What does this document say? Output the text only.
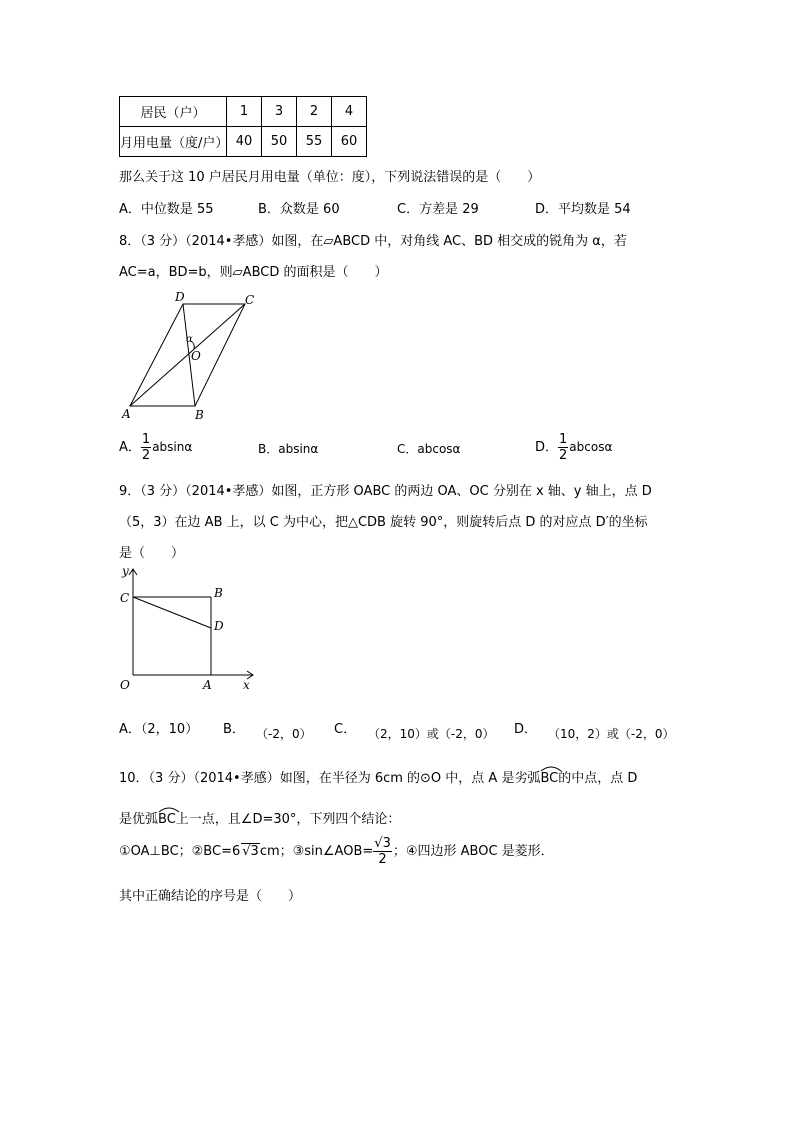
居民（户）	1	3	2	4
月用电量（度/户）	40	50	55	60
那么关于这 10 户居民月用电量（单位：度），下列说法错误的是（　　）
A．中位数是 55	B．众数是 60	C．方差是 29	D．平均数是 54
8．（3 分）（2014•孝感）如图，在▱ABCD 中，对角线 AC、BD 相交成的锐角为 α，若
AC=a，BD=b，则▱ABCD 的面积是（　　）
A	B
C
D
O
α
A． $\frac{1}{2}$ absinα	B．absinα	C．abcosα	D． $\frac{1}{2}$ abcosα
9．（3 分）（2014•孝感）如图，正方形 OABC 的两边 OA、OC 分别在 x 轴、y 轴上，点 D
（5，3）在边 AB 上，以 C 为中心，把△CDB 旋转 90°，则旋转后点 D 的对应点 D′的坐标
是（　　）
y
x
C	B
D
O	A
A．（2，10） B． （-2，0） C． （2，10）或（-2，0） D． （10，2）或（-2，0）
10．（3 分）（2014•孝感）如图，在半径为 6cm 的⊙O 中，点 A 是劣弧
BC的中点，点 D
是优弧
BC上一点，且∠D=30°，下列四个结论：
①OA⊥BC；②BC=6 √3cm；③sin∠AOB= $\frac{√3}{2}$ ；④四边形 ABOC 是菱形．
其中正确结论的序号是（　　）
